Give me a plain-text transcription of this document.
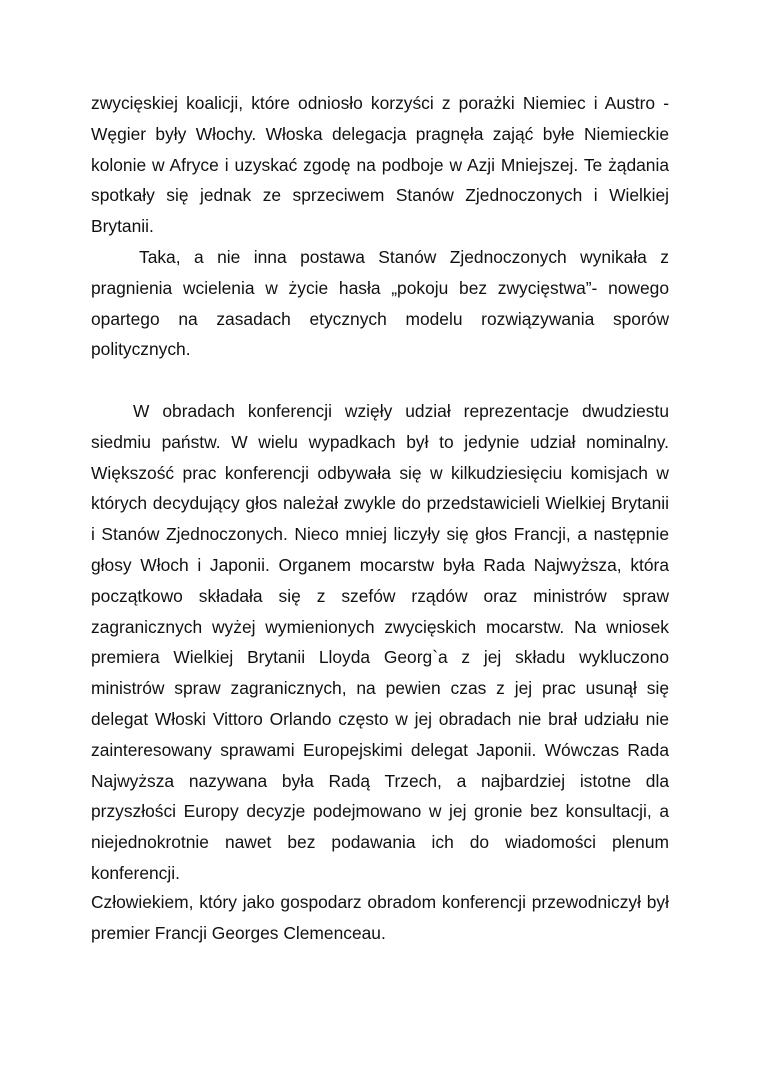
zwycięskiej koalicji, które odniosło korzyści z porażki Niemiec i Austro - Węgier były Włochy. Włoska delegacja pragnęła zająć byłe Niemieckie kolonie w Afryce i uzyskać zgodę na podboje w Azji Mniejszej. Te żądania spotkały się jednak ze sprzeciwem Stanów Zjednoczonych i Wielkiej Brytanii.

Taka, a nie inna postawa Stanów Zjednoczonych wynikała z pragnienia wcielenia w życie hasła „pokoju bez zwycięstwa”- nowego opartego na zasadach etycznych modelu rozwiązywania sporów politycznych.

W obradach konferencji wzięły udział reprezentacje dwudziestu siedmiu państw. W wielu wypadkach był to jedynie udział nominalny. Większość prac konferencji odbywała się w kilkudziesięciu komisjach w których decydujący głos należał zwykle do przedstawicieli Wielkiej Brytanii i Stanów Zjednoczonych. Nieco mniej liczyły się głos Francji, a następnie głosy Włoch i Japonii. Organem mocarstw była Rada Najwyższa, która początkowo składała się z szefów rządów oraz ministrów spraw zagranicznych wyżej wymienionych zwycięskich mocarstw. Na wniosek premiera Wielkiej Brytanii Lloyda Georg`a z jej składu wykluczono ministrów spraw zagranicznych, na pewien czas z jej prac usunął się delegat Włoski Vittoro Orlando często w jej obradach nie brał udziału nie zainteresowany sprawami Europejskimi delegat Japonii. Wówczas Rada Najwyższa nazywana była Radą Trzech, a najbardziej istotne dla przyszłości Europy decyzje podejmowano w jej gronie bez konsultacji, a niejednokrotnie nawet bez podawania ich do wiadomości plenum konferencji.

Człowiekiem, który jako gospodarz obradom konferencji przewodniczył był premier Francji Georges Clemenceau.
